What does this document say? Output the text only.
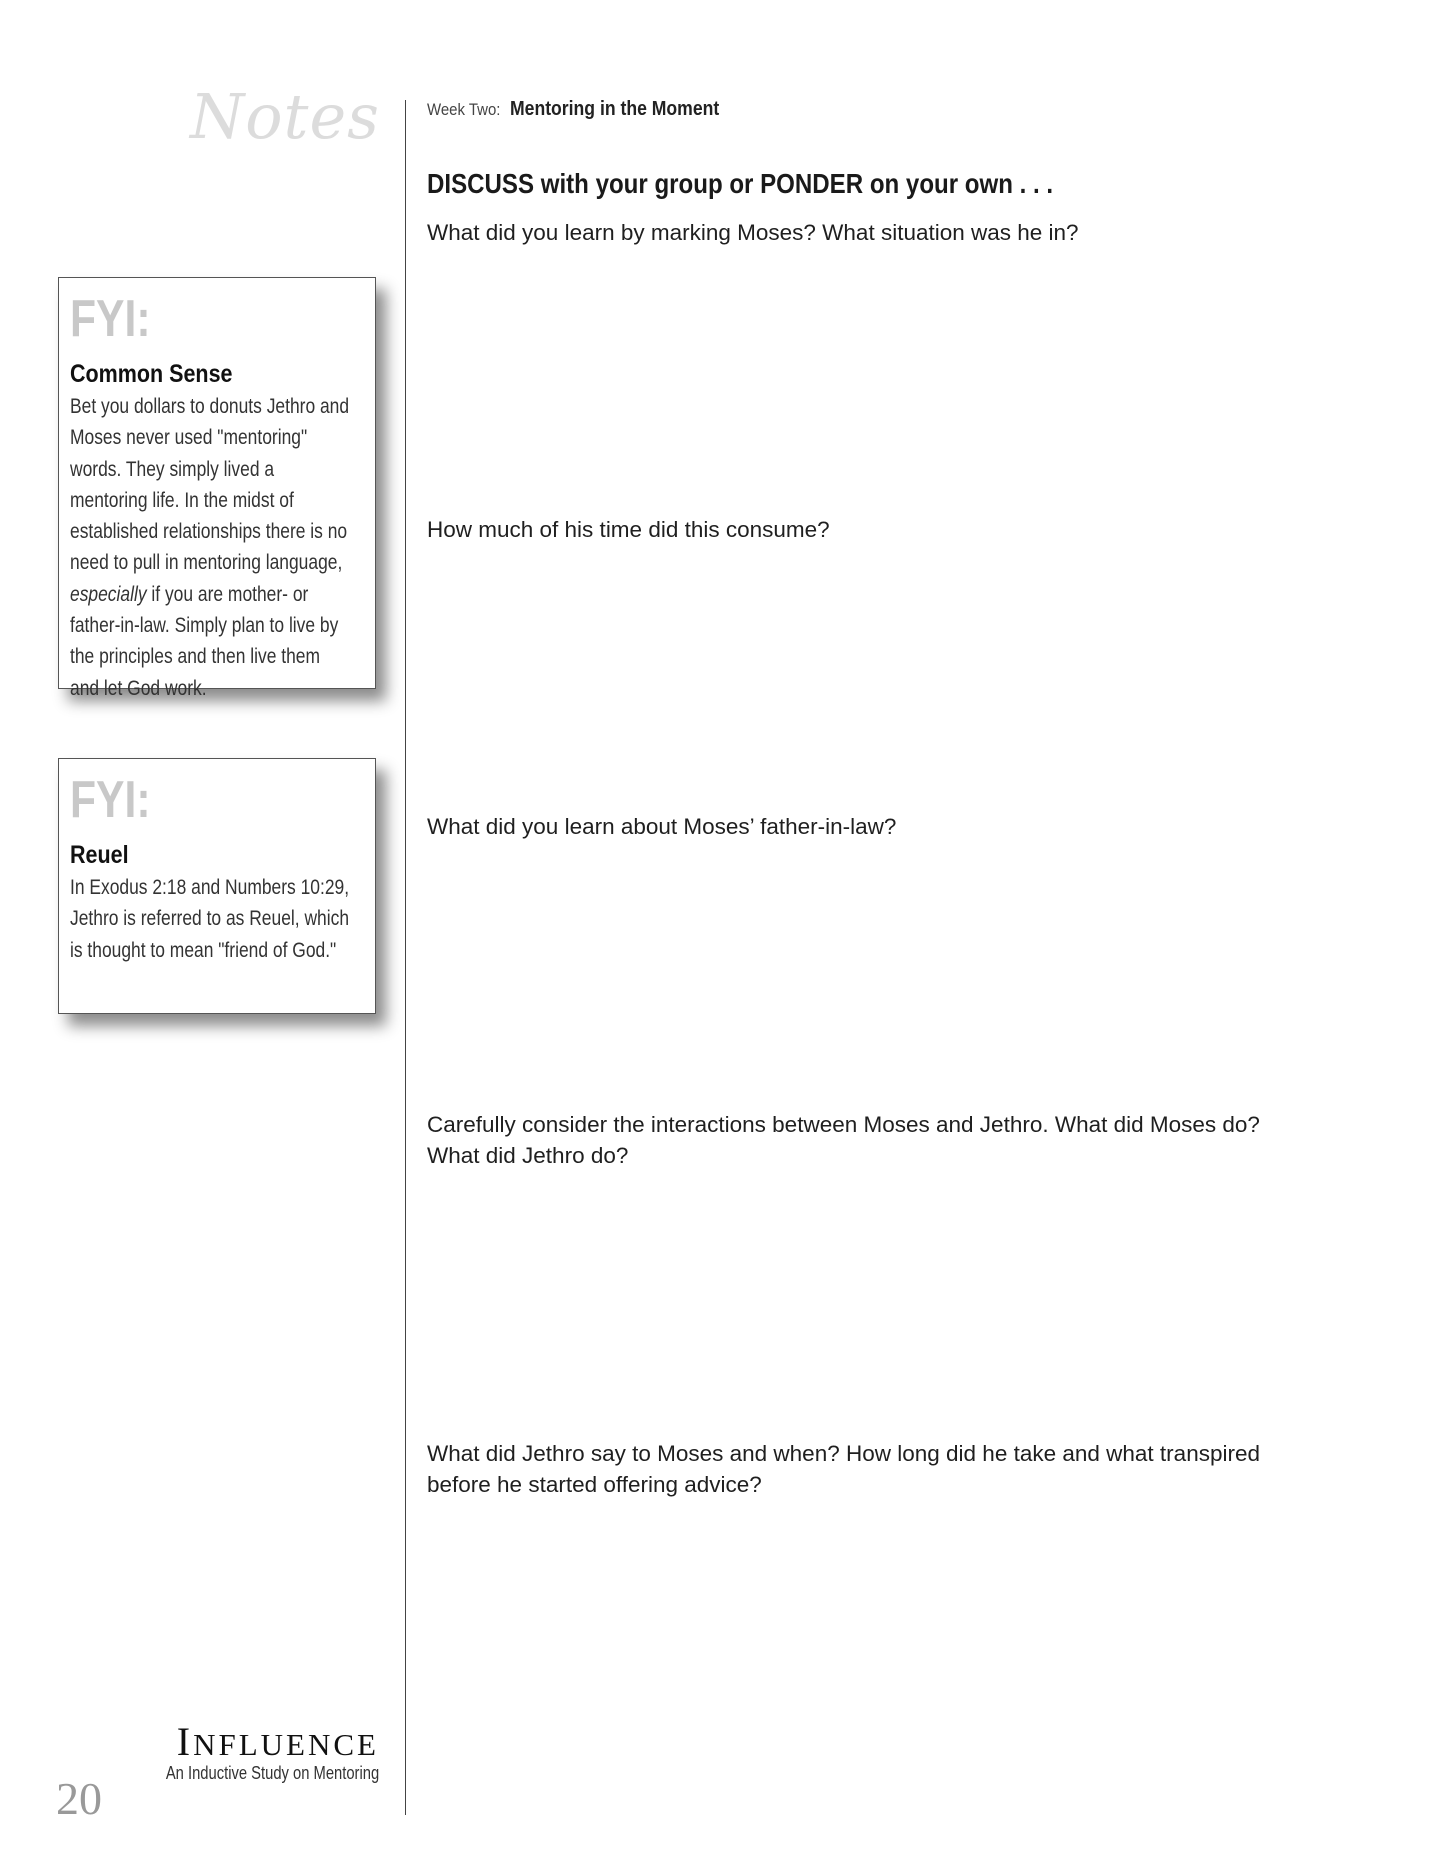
Notes	Week Two: Mentoring in the Moment
DISCUSS with your group or PONDER on your own . . .
What did you learn by marking Moses? What situation was he in?
How much of his time did this consume?
What did you learn about Moses’ father-in-law?
Carefully consider the interactions between Moses and Jethro. What did Moses do? What did Jethro do?
What did Jethro say to Moses and when? How long did he take and what transpired before he started offering advice?
FYI:
Common Sense
Bet you dollars to donuts Jethro and Moses never used "mentoring" words. They simply lived a mentoring life. In the midst of established relationships there is no need to pull in mentoring language, especially if you are mother- or father-in-law. Simply plan to live by the principles and then live them and let God work.
FYI:
Reuel
In Exodus 2:18 and Numbers 10:29, Jethro is referred to as Reuel, which is thought to mean "friend of God."
INFLUENCE
An Inductive Study on Mentoring
20
